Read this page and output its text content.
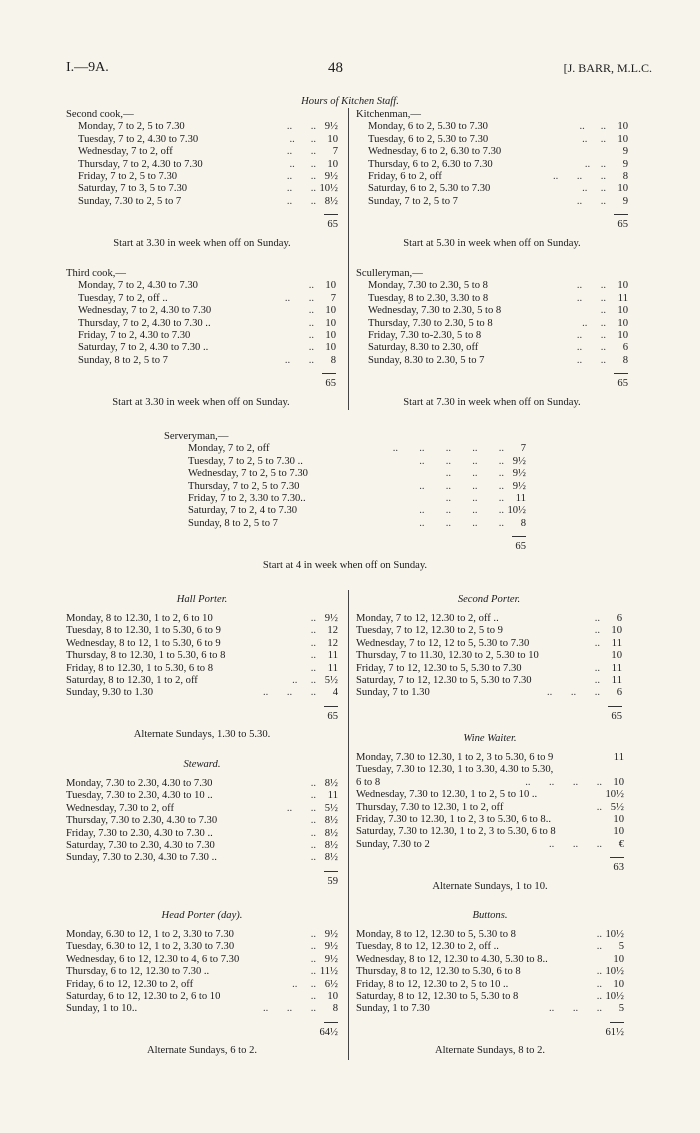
I.—9A.	48	[J. BARR, M.L.C.
Hours of Kitchen Staff.
Second cook,—
Monday, 7 to 2, 5 to 7.30	..       .. 9½
Tuesday, 7 to 2, 4.30 to 7.30	..      .. 10
Wednesday, 7 to 2, off	..       .. 7
Thursday, 7 to 2, 4.30 to 7.30	..      .. 10
Friday, 7 to 2, 5 to 7.30	..       .. 9½
Saturday, 7 to 3, 5 to 7.30	..       .. 10½
Sunday, 7.30 to 2, 5 to 7	..       .. 8½
65
Start at 3.30 in week when off on Sunday.
Kitchenman,—
Monday, 6 to 2, 5.30 to 7.30	..      .. 10
Tuesday, 6 to 2, 5.30 to 7.30	..     .. 10
Wednesday, 6 to 2, 6.30 to 7.30	9
Thursday, 6 to 2, 6.30 to 7.30	..    .. 9
Friday, 6 to 2, off	..       ..       .. 8
Saturday, 6 to 2, 5.30 to 7.30	..     .. 10
Sunday, 7 to 2, 5 to 7	..       .. 9
65
Start at 5.30 in week when off on Sunday.
Third cook,—
Monday, 7 to 2, 4.30 to 7.30	.. 10
Tuesday, 7 to 2, off ..	..       .. 7
Wednesday, 7 to 2, 4.30 to 7.30	.. 10
Thursday, 7 to 2, 4.30 to 7.30 ..	.. 10
Friday, 7 to 2, 4.30 to 7.30	.. 10
Saturday, 7 to 2, 4.30 to 7.30 ..	.. 10
Sunday, 8 to 2, 5 to 7	..       .. 8
65
Start at 3.30 in week when off on Sunday.
Sculleryman,—
Monday, 7.30 to 2.30, 5 to 8	..       .. 10
Tuesday, 8 to 2.30, 3.30 to 8	..       .. 11
Wednesday, 7.30 to 2.30, 5 to 8	.. 10
Thursday, 7.30 to 2.30, 5 to 8	..     .. 10
Friday, 7.30 to-2.30, 5 to 8	..       .. 10
Saturday, 8.30 to 2.30, off	..       .. 6
Sunday, 8.30 to 2.30, 5 to 7	..       .. 8
65
Start at 7.30 in week when off on Sunday.
Serveryman,—
Monday, 7 to 2, off	..        ..        ..        ..        .. 7
Tuesday, 7 to 2, 5 to 7.30 ..	..        ..        ..        .. 9½
Wednesday, 7 to 2, 5 to 7.30	..        ..        .. 9½
Thursday, 7 to 2, 5 to 7.30	..        ..        ..        .. 9½
Friday, 7 to 2, 3.30 to 7.30..	..        ..        .. 11
Saturday, 7 to 2, 4 to 7.30	..        ..        ..        .. 10½
Sunday, 8 to 2, 5 to 7	..        ..        ..        .. 8
65
Start at 4 in week when off on Sunday.
Hall Porter.
Monday, 8 to 12.30, 1 to 2, 6 to 10	.. 9½
Tuesday, 8 to 12.30, 1 to 5.30, 6 to 9	.. 12
Wednesday, 8 to 12, 1 to 5.30, 6 to 9	.. 12
Thursday, 8 to 12.30, 1 to 5.30, 6 to 8	.. 11
Friday, 8 to 12.30, 1 to 5.30, 6 to 8	.. 11
Saturday, 8 to 12.30, 1 to 2, off	..     .. 5½
Sunday, 9.30 to 1.30	..       ..       .. 4
65
Alternate Sundays, 1.30 to 5.30.
Second Porter.
Monday, 7 to 12, 12.30 to 2, off ..	.. 6
Tuesday, 7 to 12, 12.30 to 2, 5 to 9	.. 10
Wednesday, 7 to 12, 12 to 5, 5.30 to 7.30	.. 11
Thursday, 7 to 11.30, 12.30 to 2, 5.30 to 10	10
Friday, 7 to 12, 12.30 to 5, 5.30 to 7.30	.. 11
Saturday, 7 to 12, 12.30 to 5, 5.30 to 7.30	.. 11
Sunday, 7 to 1.30	..       ..       .. 6
65
Steward.
Monday, 7.30 to 2.30, 4.30 to 7.30	.. 8½
Tuesday, 7.30 to 2.30, 4.30 to 10 ..	.. 11
Wednesday, 7.30 to 2, off	..       .. 5½
Thursday, 7.30 to 2.30, 4.30 to 7.30	.. 8½
Friday, 7.30 to 2.30, 4.30 to 7.30 ..	.. 8½
Saturday, 7.30 to 2.30, 4.30 to 7.30	.. 8½
Sunday, 7.30 to 2.30, 4.30 to 7.30 ..	.. 8½
59
Wine Waiter.
Monday, 7.30 to 12.30, 1 to 2, 3 to 5.30, 6 to 9	11
Tuesday, 7.30 to 12.30, 1 to 3.30, 4.30 to 5.30,
6 to 8	..       ..       ..       .. 10
Wednesday, 7.30 to 12.30, 1 to 2, 5 to 10 ..	10½
Thursday, 7.30 to 12.30, 1 to 2, off	.. 5½
Friday, 7.30 to 12.30, 1 to 2, 3 to 5.30, 6 to 8..	10
Saturday, 7.30 to 12.30, 1 to 2, 3 to 5.30, 6 to 8	10
Sunday, 7.30 to 2	..       ..       .. €
63
Alternate Sundays, 1 to 10.
Head Porter (day).
Monday, 6.30 to 12, 1 to 2, 3.30 to 7.30	.. 9½
Tuesday, 6.30 to 12, 1 to 2, 3.30 to 7.30	.. 9½
Wednesday, 6 to 12, 12.30 to 4, 6 to 7.30	.. 9½
Thursday, 6 to 12, 12.30 to 7.30 ..	.. 11½
Friday, 6 to 12, 12.30 to 2, off	..     .. 6½
Saturday, 6 to 12, 12.30 to 2, 6 to 10	.. 10
Sunday, 1 to 10..	..       ..       .. 8
64½
Alternate Sundays, 6 to 2.
Buttons.
Monday, 8 to 12, 12.30 to 5, 5.30 to 8	.. 10½
Tuesday, 8 to 12, 12.30 to 2, off ..	.. 5
Wednesday, 8 to 12, 12.30 to 4.30, 5.30 to 8..	10
Thursday, 8 to 12, 12.30 to 5.30, 6 to 8	.. 10½
Friday, 8 to 12, 12.30 to 2, 5 to 10 ..	.. 10
Saturday, 8 to 12, 12.30 to 5, 5.30 to 8	.. 10½
Sunday, 1 to 7.30	..       ..       .. 5
61½
Alternate Sundays, 8 to 2.
